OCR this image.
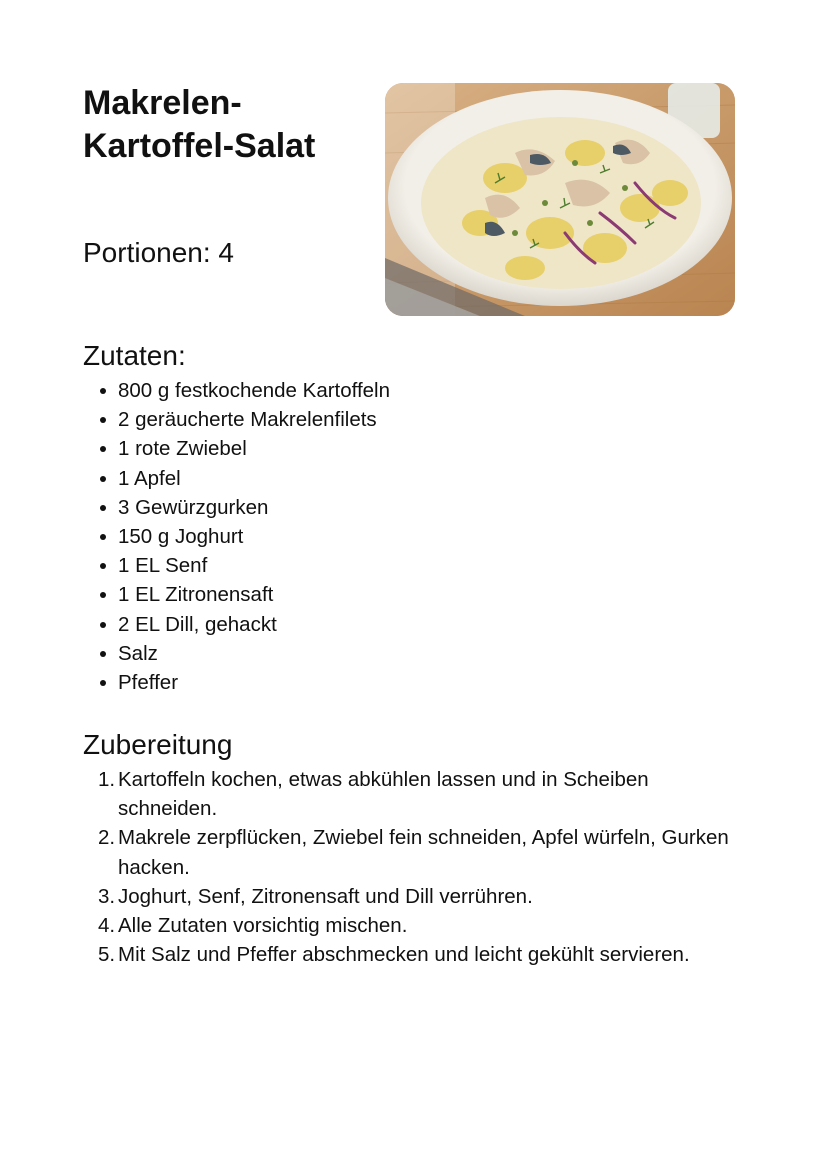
Makrelen-Kartoffel-Salat

Portionen: 4

Zutaten:
800 g festkochende Kartoffeln
2 geräucherte Makrelenfilets
1 rote Zwiebel
1 Apfel
3 Gewürzgurken
150 g Joghurt
1 EL Senf
1 EL Zitronensaft
2 EL Dill, gehackt
Salz
Pfeffer
Zubereitung
1. Kartoffeln kochen, etwas abkühlen lassen und in Scheiben schneiden.
2. Makrele zerpflücken, Zwiebel fein schneiden, Apfel würfeln, Gurken hacken.
3. Joghurt, Senf, Zitronensaft und Dill verrühren.
4. Alle Zutaten vorsichtig mischen.
5. Mit Salz und Pfeffer abschmecken und leicht gekühlt servieren.
